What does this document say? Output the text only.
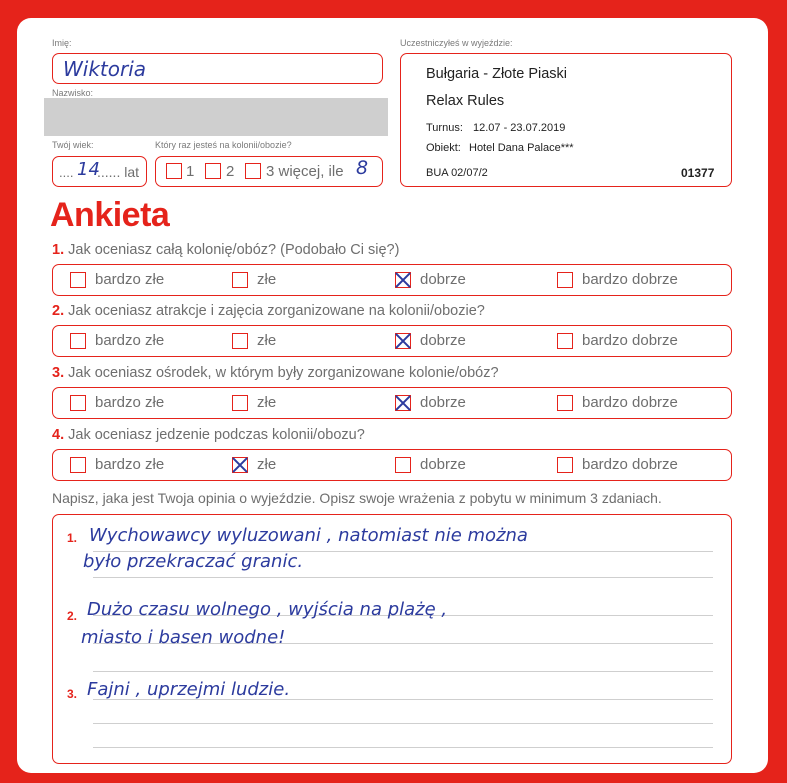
Imię:
Wiktoria
Nazwisko:
Twój wiek:
.... 14
...... lat
Który raz jesteś na kolonii/obozie?
1 2 3 więcej, ile 8
Uczestniczyłeś w wyjeździe:
Bułgaria - Złote Piaski
Relax Rules
Turnus: 12.07 - 23.07.2019
Obiekt: Hotel Dana Palace***
BUA 02/07/2	01377
Ankieta
1. Jak oceniasz całą kolonię/obóz? (Podobało Ci się?)
bardzo złe	złe	dobrze	bardzo dobrze
2. Jak oceniasz atrakcje i zajęcia zorganizowane na kolonii/obozie?
bardzo złe	złe	dobrze	bardzo dobrze
3. Jak oceniasz ośrodek, w którym były zorganizowane kolonie/obóz?
bardzo złe	złe	dobrze	bardzo dobrze
4. Jak oceniasz jedzenie podczas kolonii/obozu?
bardzo złe	złe	dobrze	bardzo dobrze
Napisz, jaka jest Twoja opinia o wyjeździe. Opisz swoje wrażenia z pobytu w minimum 3 zdaniach.
1. Wychowawcy wyluzowani , natomiast nie można
było przekraczać granic.
2. Dużo czasu wolnego , wyjścia na plażę ,
miasto i basen wodne!
3. Fajni , uprzejmi ludzie.
